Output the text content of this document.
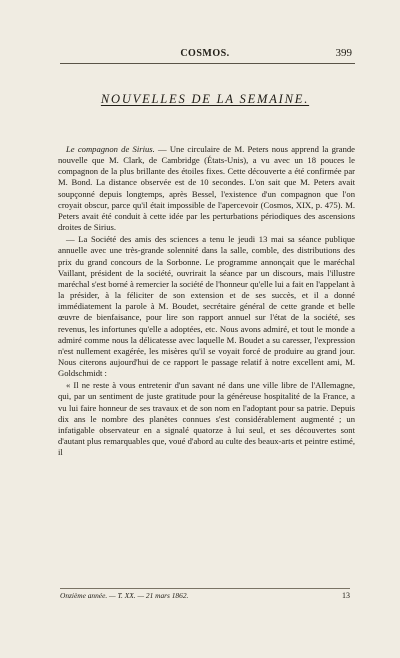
COSMOS.	399
NOUVELLES DE LA SEMAINE.

Le compagnon de Sirius. — Une circulaire de M. Peters nous apprend la grande nouvelle que M. Clark, de Cambridge (États-Unis), a vu avec un 18 pouces le compagnon de la plus brillante des étoiles fixes. Cette découverte a été confirmée par M. Bond. La distance observée est de 10 secondes. L'on sait que M. Peters avait soupçonné depuis longtemps, après Bessel, l'existence d'un compagnon que l'on croyait obscur, parce qu'il était impossible de l'apercevoir (Cosmos, XIX, p. 475). M. Peters avait été conduit à cette idée par les perturbations périodiques des ascensions droites de Sirius.

— La Société des amis des sciences a tenu le jeudi 13 mai sa séance publique annuelle avec une très-grande solennité dans la salle, comble, des distributions des prix du grand concours de la Sorbonne. Le programme annonçait que le maréchal Vaillant, président de la société, ouvrirait la séance par un discours, mais l'illustre maréchal s'est borné à remercier la société de l'honneur qu'elle lui a fait en l'appelant à la présider, à la féliciter de son extension et de ses succès, et il a donné immédiatement la parole à M. Boudet, secrétaire général de cette grande et belle œuvre de bienfaisance, pour lire son rapport annuel sur l'état de la société, ses revenus, les infortunes qu'elle a adoptées, etc. Nous avons admiré, et tout le monde a admiré comme nous la délicatesse avec laquelle M. Boudet a su caresser, l'expression n'est nullement exagérée, les misères qu'il se voyait forcé de produire au grand jour. Nous citerons aujourd'hui de ce rapport le passage relatif à notre excellent ami, M. Goldschmidt :

« Il ne reste à vous entretenir d'un savant né dans une ville libre de l'Allemagne, qui, par un sentiment de juste gratitude pour la généreuse hospitalité de la France, a vu lui faire honneur de ses travaux et de son nom en l'adoptant pour sa patrie. Depuis dix ans le nombre des planètes connues s'est considérablement augmenté ; un infatigable observateur en a signalé quatorze à lui seul, et ses découvertes sont d'autant plus remarquables que, voué d'abord au culte des beaux-arts et peintre estimé, il

Onzième année. — T. XX. — 21 mars 1862.	13
